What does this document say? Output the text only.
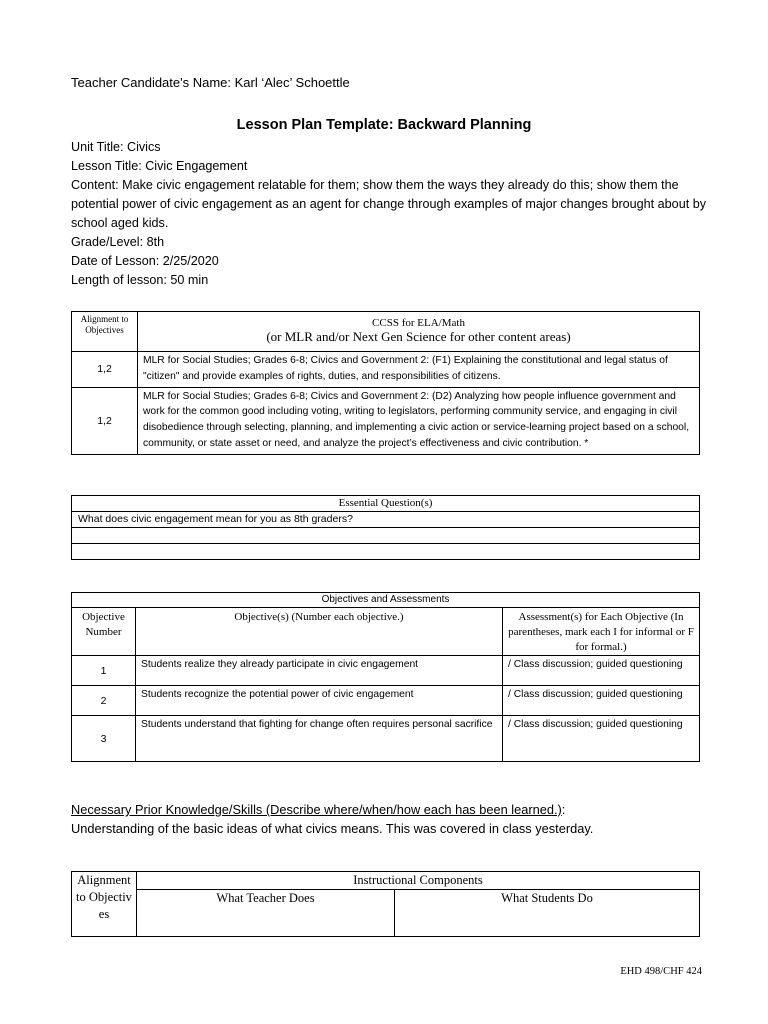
Teacher Candidate's Name: Karl ‘Alec’ Schoettle
Lesson Plan Template: Backward Planning
Unit Title: Civics
Lesson Title: Civic Engagement
Content: Make civic engagement relatable for them; show them the ways they already do this; show them the potential power of civic engagement as an agent for change through examples of major changes brought about by school aged kids.
Grade/Level: 8th
Date of Lesson: 2/25/2020
Length of lesson: 50 min
Alignment to Objectives	CCSS for ELA/Math
(or MLR and/or Next Gen Science for other content areas)

1,2	MLR for Social Studies; Grades 6-8; Civics and Government 2: (F1) Explaining the constitutional and legal status of "citizen" and provide examples of rights, duties, and responsibilities of citizens.
1,2	MLR for Social Studies; Grades 6-8; Civics and Government 2: (D2) Analyzing how people influence government and work for the common good including voting, writing to legislators, performing community service, and engaging in civil disobedience through selecting, planning, and implementing a civic action or service-learning project based on a school, community, or state asset or need, and analyze the project’s effectiveness and civic contribution. *
Essential Question(s)
What does civic engagement mean for you as 8th graders?

Objectives and Assessments		
Objective Number	Objective(s) (Number each objective.)	Assessment(s) for Each Objective (In parentheses, mark each I for informal or F for formal.)
1	Students realize they already participate in civic engagement	/ Class discussion; guided questioning
2	Students recognize the potential power of civic engagement	/ Class discussion; guided questioning
3	Students understand that fighting for change often requires personal sacrifice	/ Class discussion; guided questioning
Necessary Prior Knowledge/Skills (Describe where/when/how each has been learned.):
Understanding of the basic ideas of what civics means. This was covered in class yesterday.
Alignment to Objectives	Instructional Components	
	What Teacher Does	What Students Do
EHD 498/CHF 424
